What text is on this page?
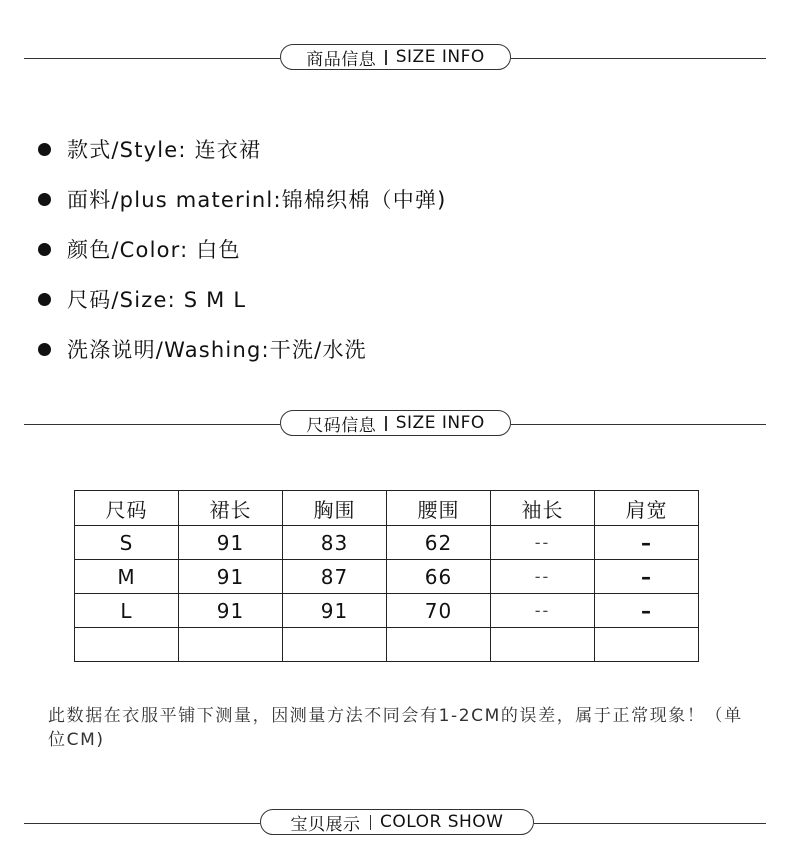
商品信息 SIZE INFO
款式/Style: 连衣裙
面料/plus materinl:锦棉织棉（中弹)
颜色/Color: 白色
尺码/Size: S M L
洗涤说明/Washing:干洗/水洗
尺码信息 SIZE INFO
尺码	裙长	胸围	腰围	袖长	肩宽
S	91	83	62	--	–
M	91	87	66	--	–
L	91	91	70	--	–

此数据在衣服平铺下测量，因测量方法不同会有1-2CM的误差，属于正常现象！（单位CM)
宝贝展示 COLOR SHOW
